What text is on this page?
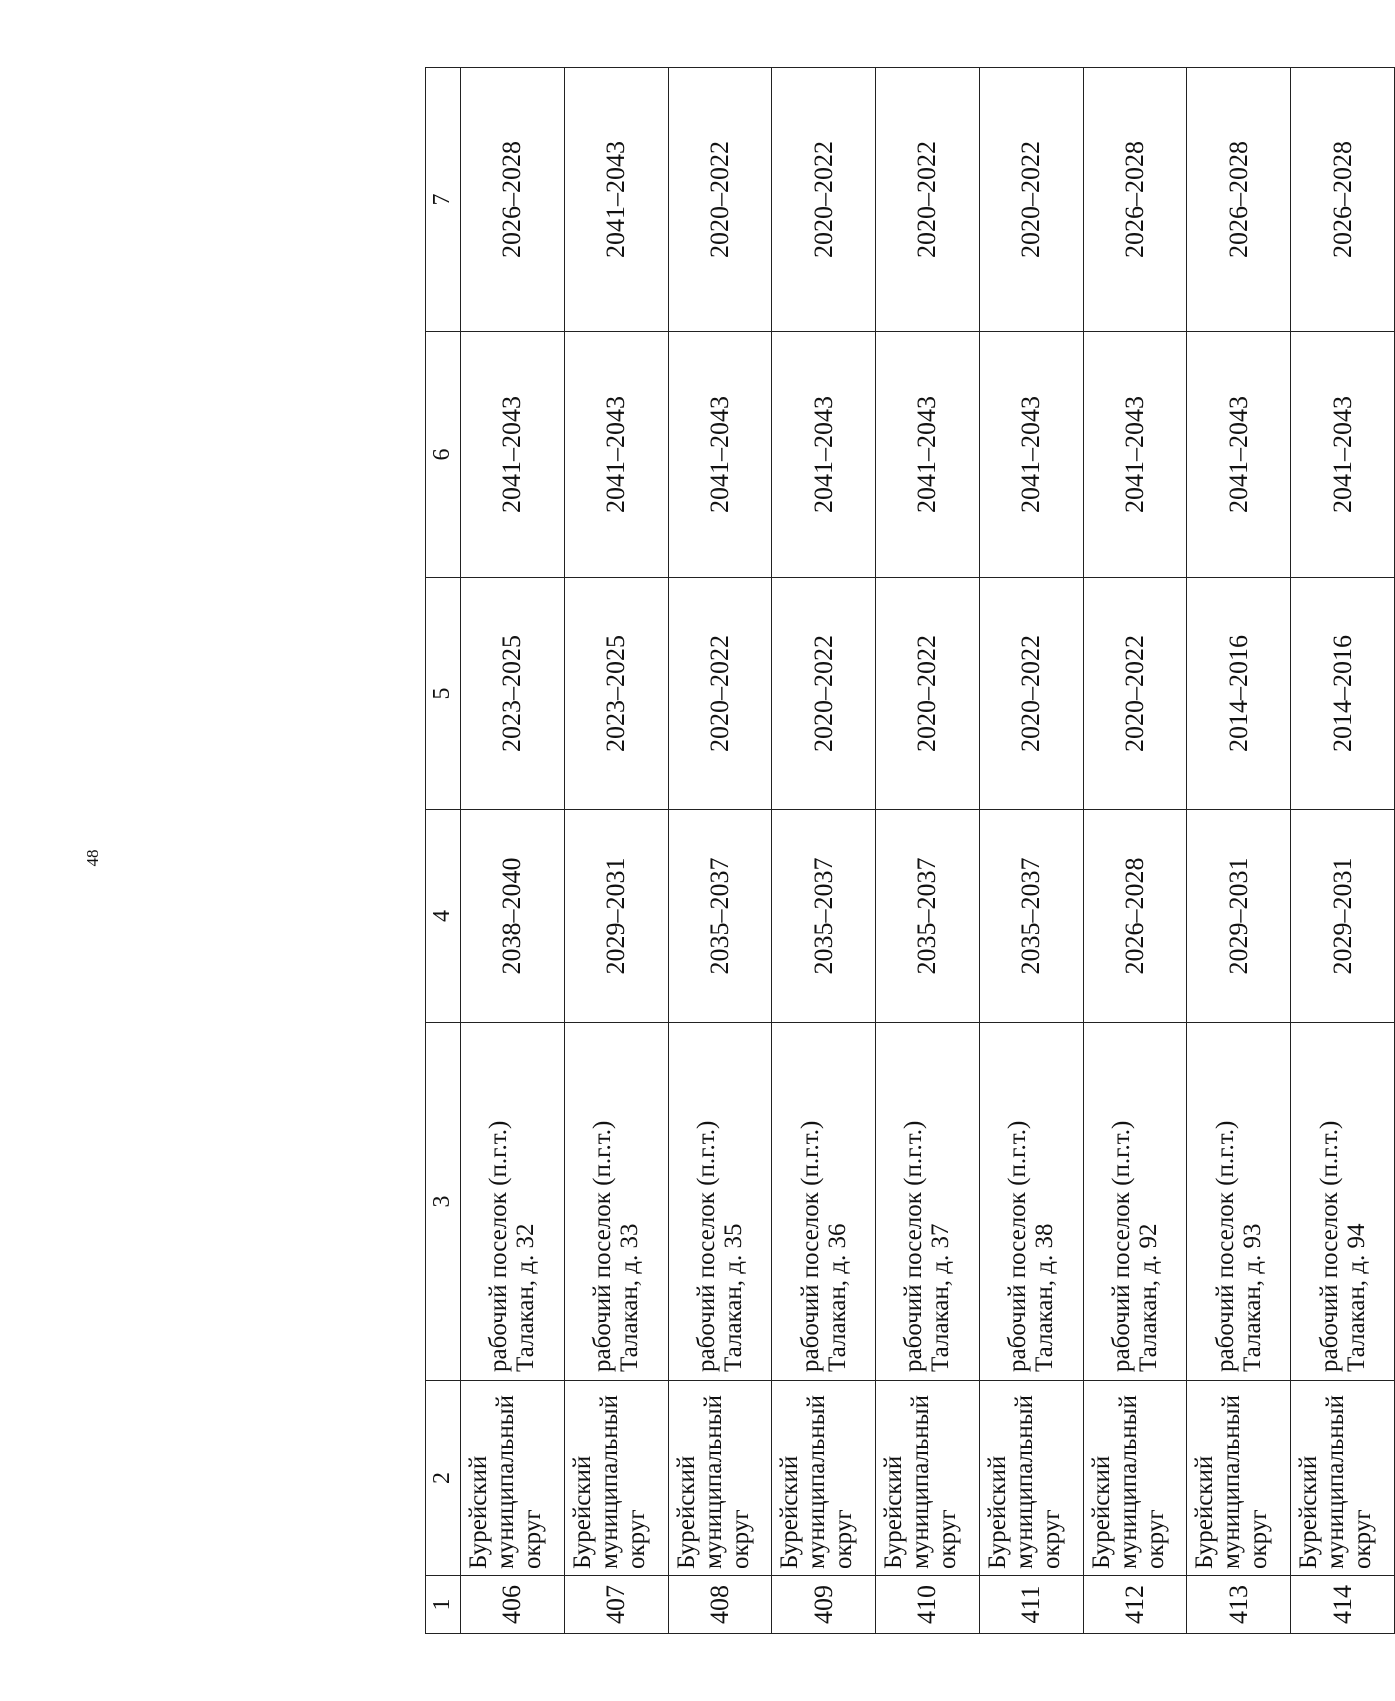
48
1	2	3	4	5	6	7
406	Бурейский муниципальный округ	рабочий поселок (п.г.т.) Талакан, д. 32	2038–2040	2023–2025	2041–2043	2026–2028
407	Бурейский муниципальный округ	рабочий поселок (п.г.т.) Талакан, д. 33	2029–2031	2023–2025	2041–2043	2041–2043
408	Бурейский муниципальный округ	рабочий поселок (п.г.т.) Талакан, д. 35	2035–2037	2020–2022	2041–2043	2020–2022
409	Бурейский муниципальный округ	рабочий поселок (п.г.т.) Талакан, д. 36	2035–2037	2020–2022	2041–2043	2020–2022
410	Бурейский муниципальный округ	рабочий поселок (п.г.т.) Талакан, д. 37	2035–2037	2020–2022	2041–2043	2020–2022
411	Бурейский муниципальный округ	рабочий поселок (п.г.т.) Талакан, д. 38	2035–2037	2020–2022	2041–2043	2020–2022
412	Бурейский муниципальный округ	рабочий поселок (п.г.т.) Талакан, д. 92	2026–2028	2020–2022	2041–2043	2026–2028
413	Бурейский муниципальный округ	рабочий поселок (п.г.т.) Талакан, д. 93	2029–2031	2014–2016	2041–2043	2026–2028
414	Бурейский муниципальный округ	рабочий поселок (п.г.т.) Талакан, д. 94	2029–2031	2014–2016	2041–2043	2026–2028
